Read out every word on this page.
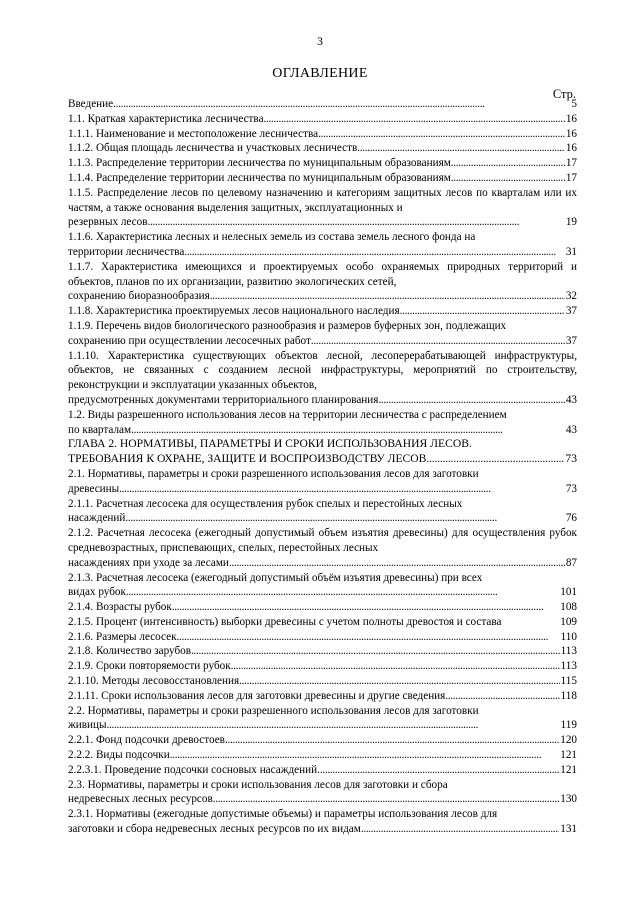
3
ОГЛАВЛЕНИЕ
Стр.
Введение . . .	5
1.1. Краткая характеристика лесничества . . .	16
1.1.1. Наименование и местоположение лесничества . . .	16
1.1.2. Общая площадь лесничества и участковых лесничеств . . .	16
1.1.3. Распределение территории лесничества по муниципальным образованиям . . .	17
1.1.4. Распределение территории лесничества по муниципальным образованиям . . .	17
1.1.5. Распределение лесов по целевому назначению и категориям защитных лесов по кварталам или их частям, а также основания выделения защитных, эксплуатационных и
резервных лесов . . .	19
1.1.6. Характеристика лесных и нелесных земель из состава земель лесного фонда на
территории лесничества . . .	31
1.1.7. Характеристика имеющихся и проектируемых особо охраняемых природных территорий и объектов, планов по их организации, развитию экологических сетей,
сохранению биоразнообразия . . .	32
1.1.8. Характеристика проектируемых лесов национального наследия . . .	37
1.1.9. Перечень видов биологического разнообразия и размеров буферных зон, подлежащих
сохранению при осуществлении лесосечных работ . . .	37
1.1.10. Характеристика существующих объектов лесной, лесоперерабатывающей инфраструктуры, объектов, не связанных с созданием лесной инфраструктуры, мероприятий по строительству, реконструкции и эксплуатации указанных объектов,
предусмотренных документами территориального планирования . . .	43
1.2. Виды разрешенного использования лесов на территории лесничества с распределением
по кварталам . . .	43
ГЛАВА 2. НОРМАТИВЫ, ПАРАМЕТРЫ И СРОКИ ИСПОЛЬЗОВАНИЯ ЛЕСОВ.
ТРЕБОВАНИЯ К ОХРАНЕ, ЗАЩИТЕ И ВОСПРОИЗВОДСТВУ ЛЕСОВ . . .	73
2.1. Нормативы, параметры и сроки разрешенного использования лесов для заготовки
древесины . . .	73
2.1.1. Расчетная лесосека для осуществления рубок спелых и перестойных лесных
насаждений . . .	76
2.1.2. Расчетная лесосека (ежегодный допустимый объем изъятия древесины) для осуществления рубок средневозрастных, приспевающих, спелых, перестойных лесных
насаждениях при уходе за лесами . . .	87
2.1.3. Расчетная лесосека (ежегодный допустимый объём изъятия древесины) при всех
видах рубок . . .	101
2.1.4. Возрасты рубок . . .	108
2.1.5. Процент (интенсивность) выборки древесины с учетом полноты древостоя и состава	109
2.1.6. Размеры лесосек . . .	110
2.1.8. Количество зарубов . . .	113
2.1.9. Сроки повторяемости рубок . . .	113
2.1.10. Методы лесовосстановления . . .	115
2.1.11. Сроки использования лесов для заготовки древесины и другие сведения . . .	118
2.2. Нормативы, параметры и сроки разрешенного использования лесов для заготовки
живицы . . .	119
2.2.1. Фонд подсочки древостоев . . .	120
2.2.2. Виды подсочки . . .	121
2.2.3.1. Проведение подсочки сосновых насаждений. . . .	121
2.3. Нормативы, параметры и сроки использования лесов для заготовки и сбора
недревесных лесных ресурсов . . .	130
2.3.1. Нормативы (ежегодные допустимые объемы) и параметры использования лесов для
заготовки и сбора недревесных лесных ресурсов по их видам . . .	131
